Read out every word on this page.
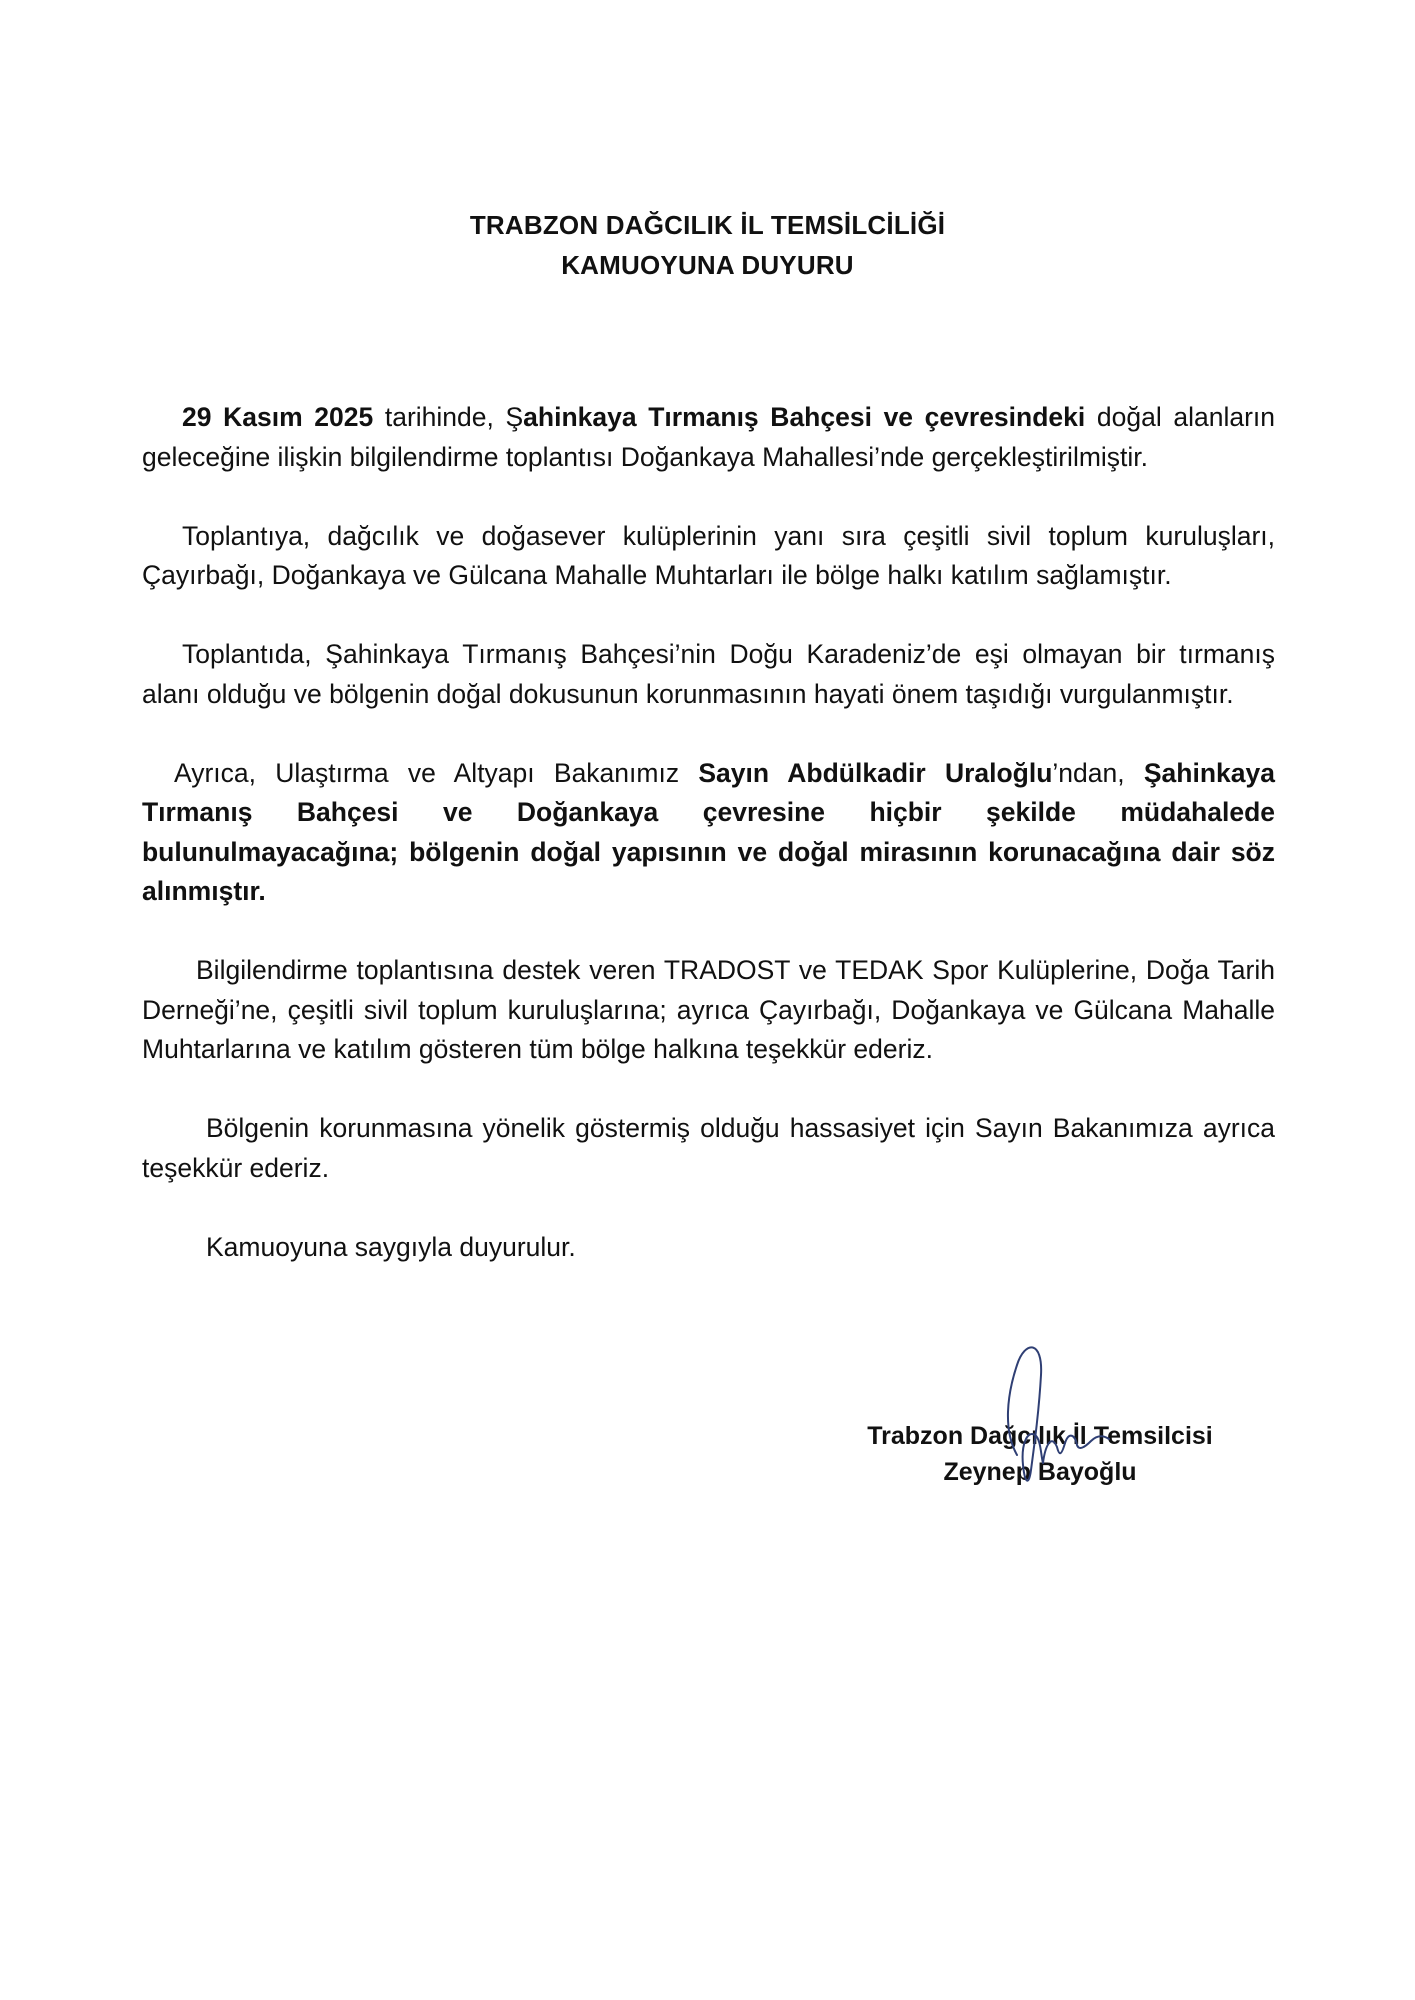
TRABZON DAĞCILIK İL TEMSİLCİLİĞİ
KAMUOYUNA DUYURU

29 Kasım 2025 tarihinde, Şahinkaya Tırmanış Bahçesi ve çevresindeki doğal alanların geleceğine ilişkin bilgilendirme toplantısı Doğankaya Mahallesi’nde gerçekleştirilmiştir.

Toplantıya, dağcılık ve doğasever kulüplerinin yanı sıra çeşitli sivil toplum kuruluşları, Çayırbağı, Doğankaya ve Gülcana Mahalle Muhtarları ile bölge halkı katılım sağlamıştır.

Toplantıda, Şahinkaya Tırmanış Bahçesi’nin Doğu Karadeniz’de eşi olmayan bir tırmanış alanı olduğu ve bölgenin doğal dokusunun korunmasının hayati önem taşıdığı vurgulanmıştır.

Ayrıca, Ulaştırma ve Altyapı Bakanımız Sayın Abdülkadir Uraloğlu’ndan, Şahinkaya Tırmanış Bahçesi ve Doğankaya çevresine hiçbir şekilde müdahalede bulunulmayacağına; bölgenin doğal yapısının ve doğal mirasının korunacağına dair söz alınmıştır.

Bilgilendirme toplantısına destek veren TRADOST ve TEDAK Spor Kulüplerine, Doğa Tarih Derneği’ne, çeşitli sivil toplum kuruluşlarına; ayrıca Çayırbağı, Doğankaya ve Gülcana Mahalle Muhtarlarına ve katılım gösteren tüm bölge halkına teşekkür ederiz.

Bölgenin korunmasına yönelik göstermiş olduğu hassasiyet için Sayın Bakanımıza ayrıca teşekkür ederiz.

Kamuoyuna saygıyla duyurulur.

Trabzon Dağcılık İl Temsilcisi
Zeynep Bayoğlu
